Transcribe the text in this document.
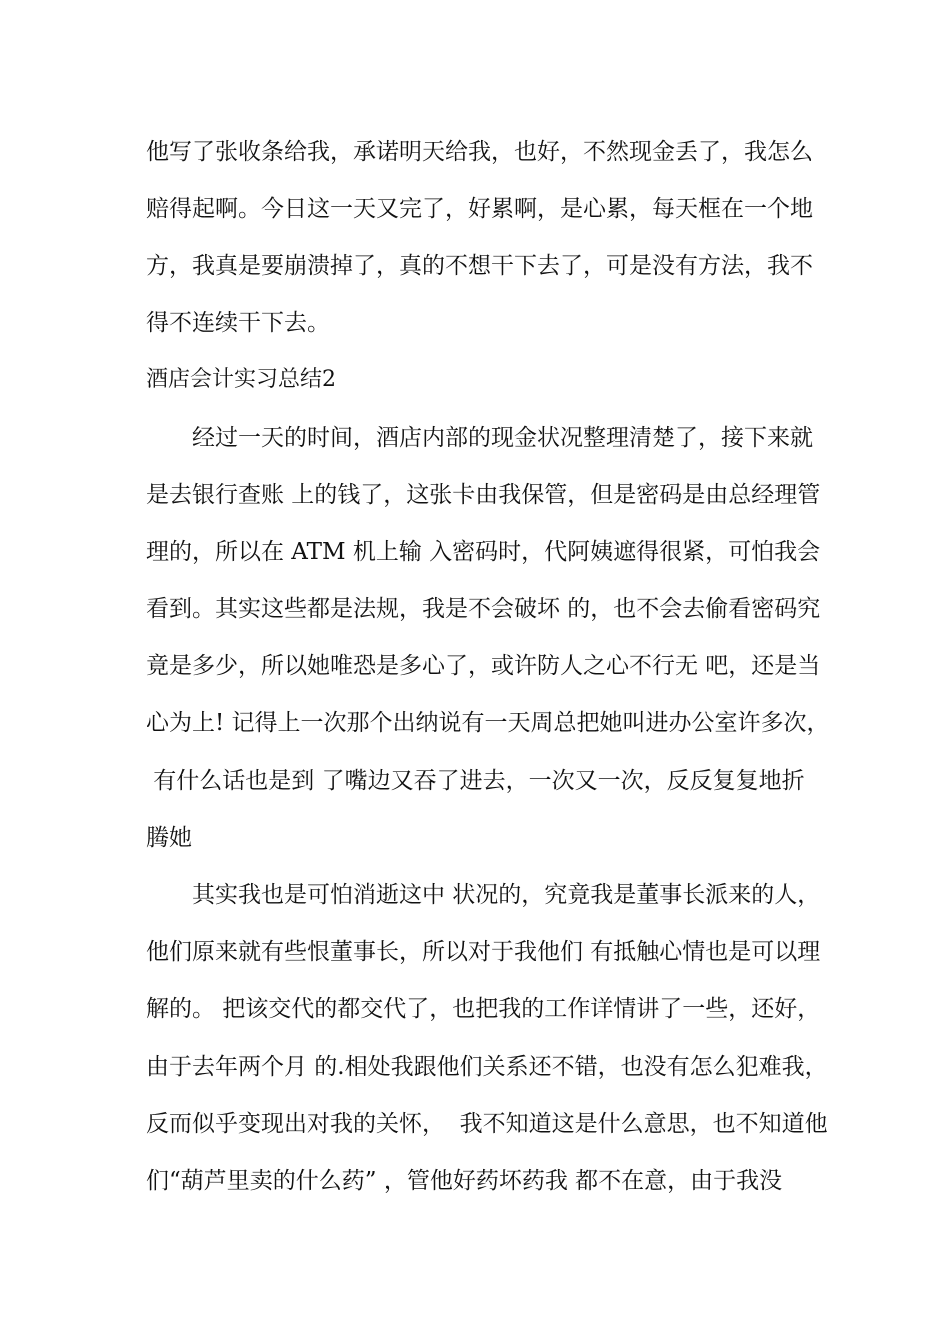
他写了张收条给我，承诺明天给我，也好，不然现金丢了，我怎么
赔得起啊。今日这一天又完了，好累啊，是心累，每天框在一个地
方，我真是要崩溃掉了，真的不想干下去了，可是没有方法，我不
得不连续干下去。
酒店会计实习总结2
　　经过一天的时间，酒店内部的现金状况整理清楚了，接下来就
是去银行查账 上的钱了，这张卡由我保管，但是密码是由总经理管
理的，所以在 ATM 机上输 入密码时，代阿姨遮得很紧，可怕我会
看到。其实这些都是法规，我是不会破坏 的，也不会去偷看密码究
竟是多少，所以她唯恐是多心了，或许防人之心不行无 吧，还是当
心为上! 记得上一次那个出纳说有一天周总把她叫进办公室许多次，
有什么话也是到 了嘴边又吞了进去，一次又一次，反反复复地折
腾她
　　其实我也是可怕消逝这中 状况的，究竟我是董事长派来的人，
他们原来就有些恨董事长，所以对于我他们 有抵触心情也是可以理
解的。 把该交代的都交代了，也把我的工作详情讲了一些，还好，
由于去年两个月 的.相处我跟他们关系还不错，也没有怎么犯难我，
反而似乎变现出对我的关怀，  我不知道这是什么意思，也不知道他
们“葫芦里卖的什么药” ，管他好药坏药我 都不在意，由于我没
